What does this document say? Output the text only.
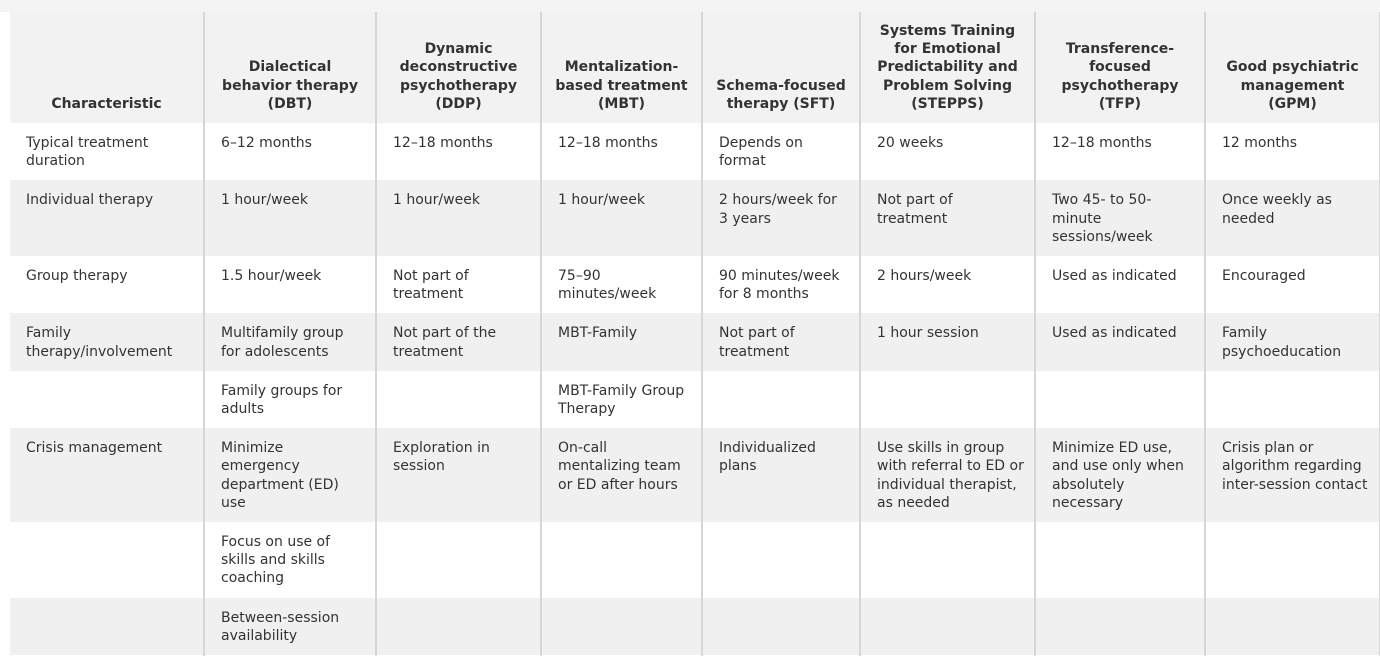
Characteristic	Dialectical behavior therapy (DBT)	Dynamic deconstructive psychotherapy (DDP)	Mentalization-based treatment (MBT)	Schema-focused therapy (SFT)	Systems Training for Emotional Predictability and Problem Solving (STEPPS)	Transference-focused psychotherapy (TFP)	Good psychiatric management (GPM)
Typical treatment duration	6–12 months	12–18 months	12–18 months	Depends on format	20 weeks	12–18 months	12 months
Individual therapy	1 hour/week	1 hour/week	1 hour/week	2 hours/week for 3 years	Not part of treatment	Two 45- to 50-minute sessions/week	Once weekly as needed
Group therapy	1.5 hour/week	Not part of treatment	75–90 minutes/week	90 minutes/week for 8 months	2 hours/week	Used as indicated	Encouraged
Family therapy/involvement	Multifamily group for adolescents	Not part of the treatment	MBT-Family	Not part of treatment	1 hour session	Used as indicated	Family psychoeducation
	Family groups for adults		MBT-Family Group Therapy				
Crisis management	Minimize emergency department (ED) use	Exploration in session	On-call mentalizing team or ED after hours	Individualized plans	Use skills in group with referral to ED or individual therapist, as needed	Minimize ED use, and use only when absolutely necessary	Crisis plan or algorithm regarding inter-session contact
	Focus on use of skills and skills coaching						
	Between-session availability						
